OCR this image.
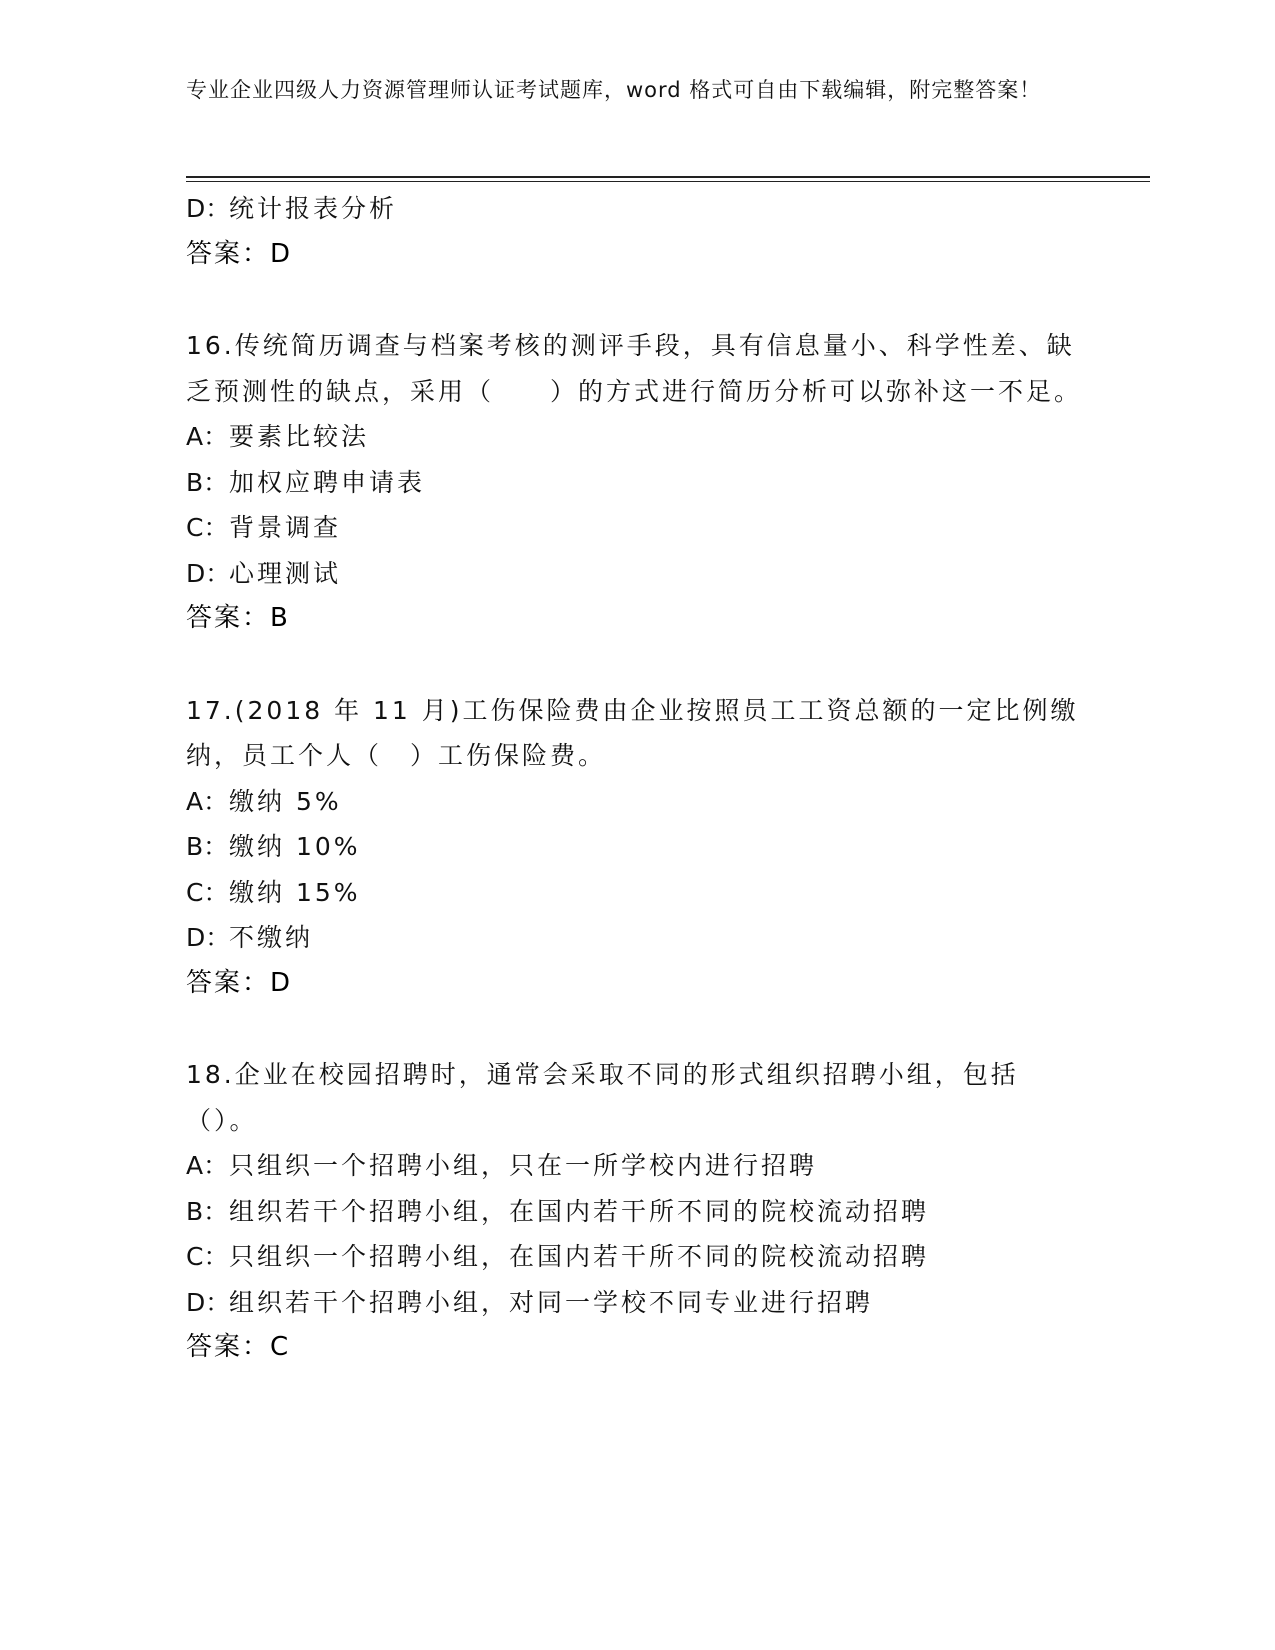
专业企业四级人力资源管理师认证考试题库，word 格式可自由下载编辑，附完整答案！
D：统计报表分析
答案：D
16.传统简历调查与档案考核的测评手段，具有信息量小、科学性差、缺乏预测性的缺点，采用（　　）的方式进行简历分析可以弥补这一不足。
A：要素比较法
B：加权应聘申请表
C：背景调查
D：心理测试
答案：B
17.(2018 年 11 月)工伤保险费由企业按照员工工资总额的一定比例缴纳，员工个人（　）工伤保险费。
A：缴纳 5%
B：缴纳 10%
C：缴纳 15%
D：不缴纳
答案：D
18.企业在校园招聘时，通常会采取不同的形式组织招聘小组，包括（）。
A：只组织一个招聘小组，只在一所学校内进行招聘
B：组织若干个招聘小组，在国内若干所不同的院校流动招聘
C：只组织一个招聘小组，在国内若干所不同的院校流动招聘
D：组织若干个招聘小组，对同一学校不同专业进行招聘
答案：C
